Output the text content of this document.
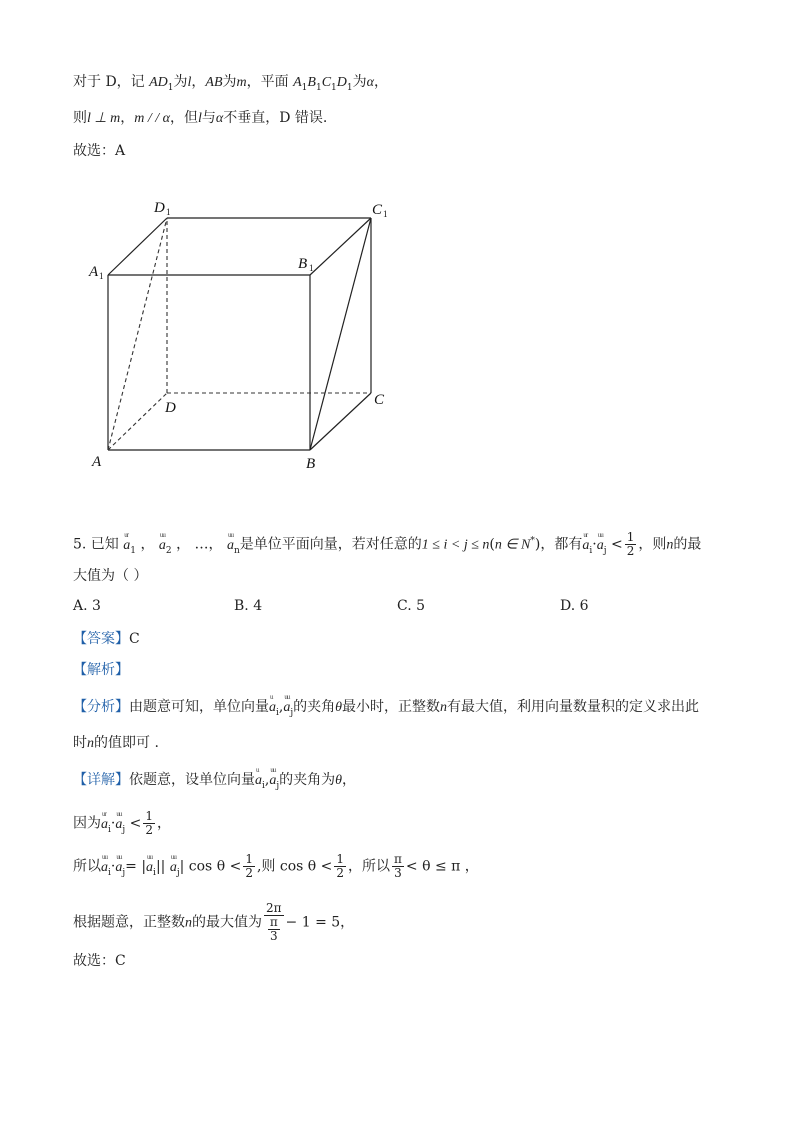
对于 D，记 $AD_1$为l，AB为m，平面 $A_1B_1C_1D_1$为α，
则l ⊥ m，m / / α，但l与α不垂直，D 错误.
故选：A
D 1	C 1
A 1
B 1
D	C
A	B
5. 已知
ur
$a_1$ ，
uu
$a_2$ ， …，
uu
$a_n$是单位平面向量，若对任意的1 ≤ i < j ≤ n(n ∈ N*)，都有
ur
$a_i\cdot$
uu
$a_j < \frac{1}{2}$ ，则n的最
大值为（ ）
A. 3	B. 4	C. 5	D. 6
【答案】C
【解析】
【分析】由题意可知，单位向量
u
$a_i$,
uu
$a_j$的夹角θ最小时，正整数n有最大值，利用向量数量积的定义求出此
时n的值即可 .
【详解】依题意，设单位向量
u
$a_i$,
uu
$a_j$的夹角为θ，
因为
ur
$a_i\cdot$
uu
$a_j < \frac{1}{2}$ ，
所以
uu
$a_i\cdot$
uu
$a_j=$ |
uu
$a_i||$
uu
$a_j|$ $\cos \theta < \frac{1}{2}$ ,则 $\cos \theta < \frac{1}{2}$ ，所以 $\frac{\pi}{3} < \theta \le \pi$ ，
根据题意，正整数n的最大值为 $\frac{2\pi}{\frac{\pi}{3}} - 1 = 5$，
故选：C
